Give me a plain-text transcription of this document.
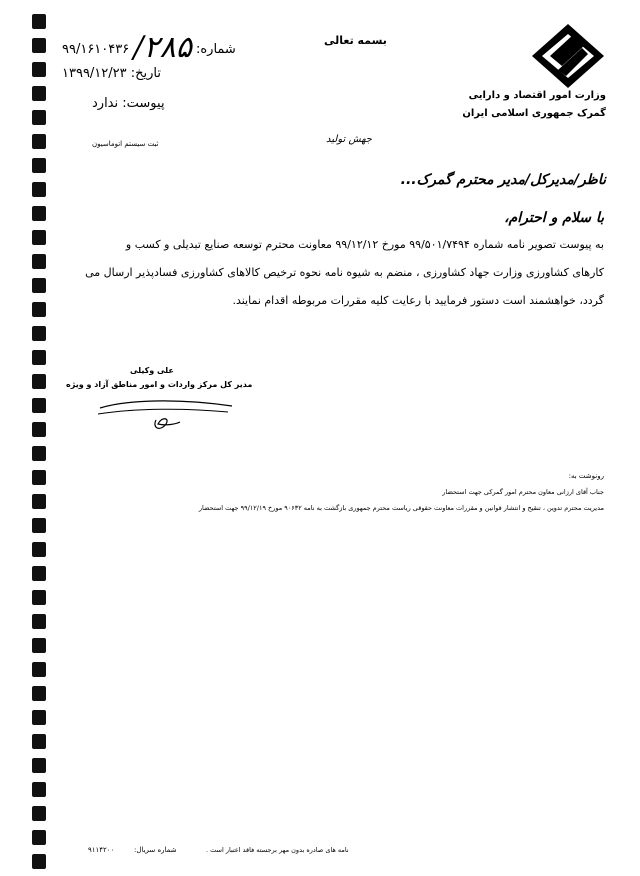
وزارت امور اقتصاد و دارایی
گمرک جمهوری اسلامی ایران
بسمه تعالی
شماره: ۲۸۵/ ۹۹/۱۶۱۰۴۳۶
تاریخ: ۱۳۹۹/۱۲/۲۳
پیوست: ندارد
ثبت سیستم اتوماسیون	جهش تولید
ناظر/مدیرکل/مدیر محترم گمرک...
با سلام و احترام،
به پیوست تصویر نامه شماره ۹۹/۵۰۱/۷۴۹۴ مورخ ۹۹/۱۲/۱۲ معاونت محترم توسعه صنایع تبدیلی و کسب و
کارهای کشاورزی وزارت جهاد کشاورزی ، منضم به شیوه نامه نحوه ترخیص کالاهای کشاورزی فسادپذیر ارسال می
گردد، خواهشمند است دستور فرمایید با رعایت کلیه مقررات مربوطه اقدام نمایند.
علی وکیلی
مدیر کل مرکز واردات و امور مناطق آزاد و ویژه
رونوشت به:
جناب آقای ارزانی معاون محترم امور گمرکی جهت استحضار
مدیریت محترم تدوین ، تنقیح و انتشار قوانین و مقررات معاونت حقوقی ریاست محترم جمهوری بازگشت به نامه ۹۰۶۳۲ مورخ ۹۹/۱۲/۱۹ جهت استحضار
نامه های صادره بدون مهر برجسته فاقد اعتبار است .
شماره سریال:
۹۱۱۴۲۰۰
